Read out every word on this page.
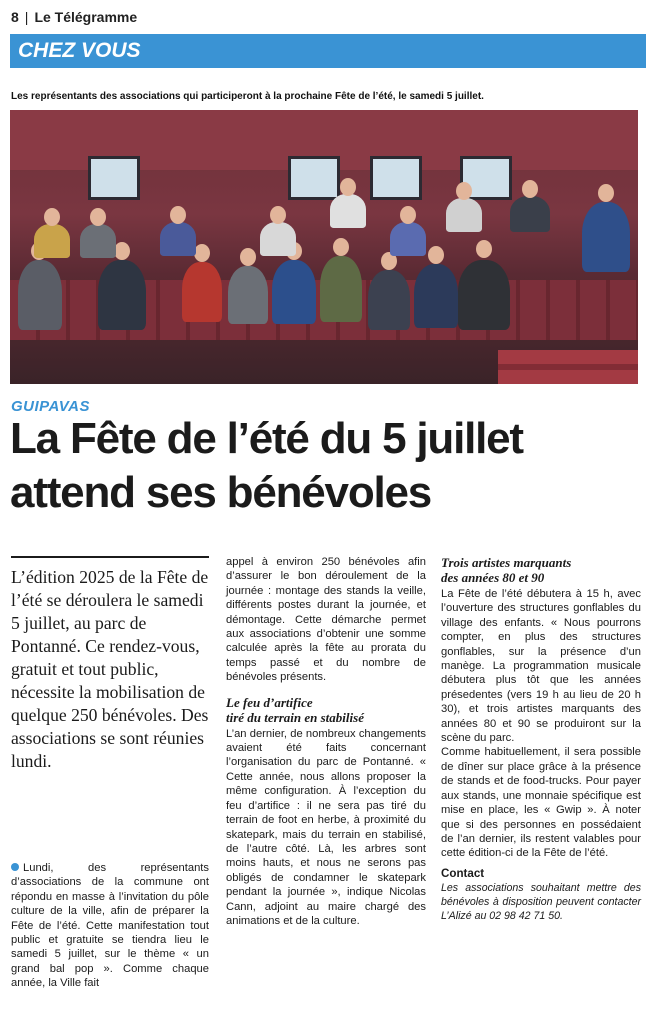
8 | Le Télégramme
CHEZ VOUS
Les représentants des associations qui participeront à la prochaine Fête de l’été, le samedi 5 juillet.
GUIPAVAS
La Fête de l’été du 5 juillet
attend ses bénévoles

L’édition 2025 de la Fête de l’été se déroulera le samedi 5 juillet, au parc de Pontanné. Ce rendez-vous, gratuit et tout public, nécessite la mobilisation de quelque 250 bénévoles. Des associations se sont réunies lundi.

Lundi, des représentants d’associations de la commune ont répondu en masse à l’invitation du pôle culture de la ville, afin de préparer la Fête de l’été. Cette manifestation tout public et gratuite se tiendra lieu le samedi 5 juillet, sur le thème « un grand bal pop ». Comme chaque année, la Ville fait

appel à environ 250 bénévoles afin d’assurer le bon déroulement de la journée : montage des stands la veille, différents postes durant la journée, et démontage. Cette démarche permet aux associations d’obtenir une somme calculée après la fête au prorata du temps passé et du nombre de bénévoles présents.

Le feu d’artifice
tiré du terrain en stabilisé

L’an dernier, de nombreux changements avaient été faits concernant l’organisation du parc de Pontanné. « Cette année, nous allons proposer la même configuration. À l’exception du feu d’artifice : il ne sera pas tiré du terrain de foot en herbe, à proximité du skatepark, mais du terrain en stabilisé, de l’autre côté. Là, les arbres sont moins hauts, et nous ne serons pas obligés de condamner le skatepark pendant la journée », indique Nicolas Cann, adjoint au maire chargé des animations et de la culture.

Trois artistes marquants
des années 80 et 90

La Fête de l’été débutera à 15 h, avec l’ouverture des structures gonflables du village des enfants. « Nous pourrons compter, en plus des structures gonflables, sur la présence d’un manège. La programmation musicale débutera plus tôt que les années présedentes (vers 19 h au lieu de 20 h 30), et trois artistes marquants des années 80 et 90 se produiront sur la scène du parc.

Comme habituellement, il sera possible de dîner sur place grâce à la présence de stands et de food-trucks. Pour payer aux stands, une monnaie spécifique est mise en place, les « Gwip ». À noter que si des personnes en possédaient de l’an dernier, ils restent valables pour cette édition-ci de la Fête de l’été.

Contact
Les associations souhaitant mettre des bénévoles à disposition peuvent contacter L’Alizé au 02 98 42 71 50.
